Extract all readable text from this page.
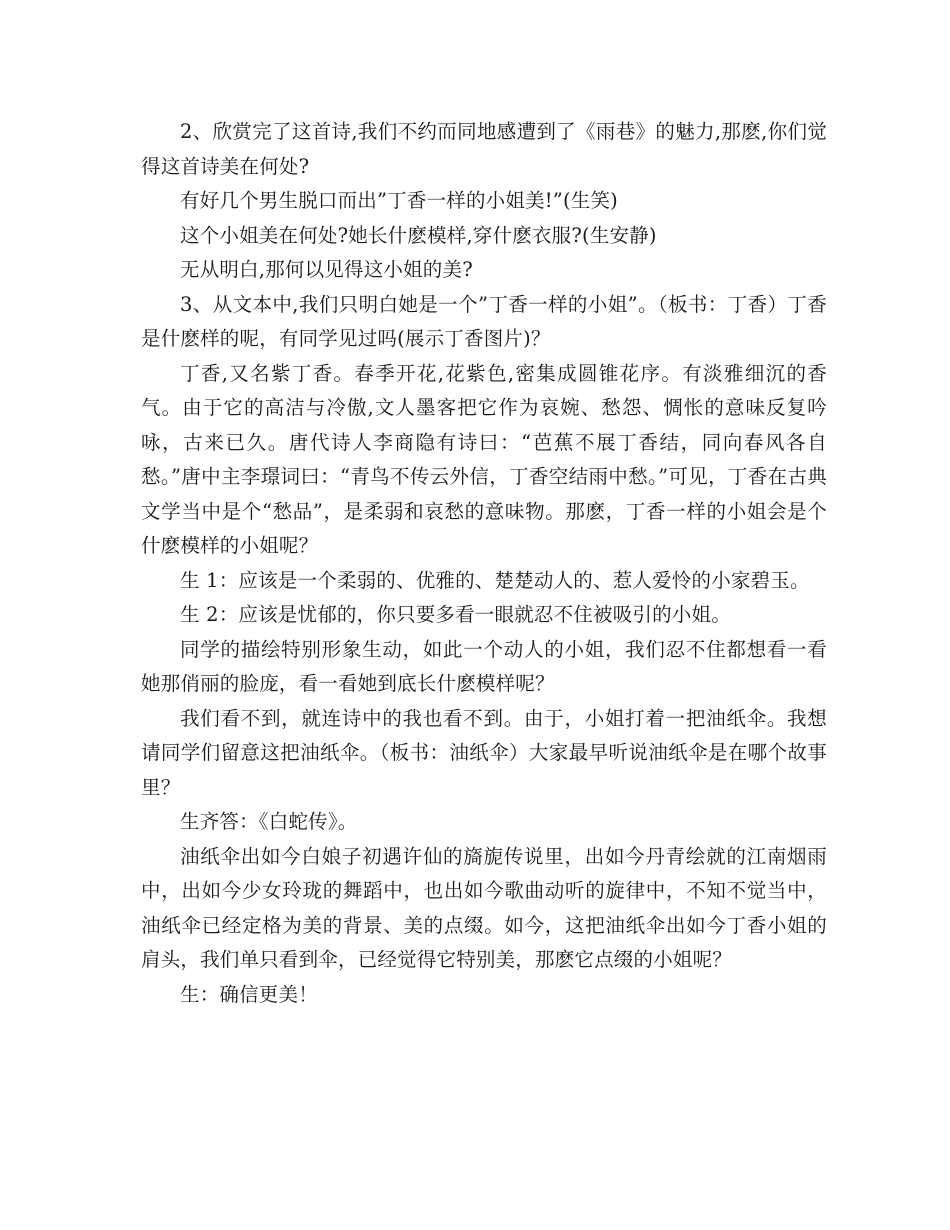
2、欣赏完了这首诗,我们不约而同地感遭到了《雨巷》的魅力,那麽,你们觉得这首诗美在何处?

有好几个男生脱口而出”丁香一样的小姐美!”(生笑)

这个小姐美在何处?她长什麽模样,穿什麽衣服?(生安静)

无从明白,那何以见得这小姐的美?

3、从文本中,我们只明白她是一个”丁香一样的小姐”。（板书：丁香）丁香是什麽样的呢，有同学见过吗(展示丁香图片)？

丁香,又名紫丁香。春季开花,花紫色,密集成圆锥花序。有淡雅细沉的香气。由于它的高洁与冷傲,文人墨客把它作为哀婉、愁怨、惆怅的意味反复吟咏，古来已久。唐代诗人李商隐有诗曰：“芭蕉不展丁香结，同向春风各自愁。”唐中主李璟词曰：“青鸟不传云外信，丁香空结雨中愁。”可见，丁香在古典文学当中是个“愁品”，是柔弱和哀愁的意味物。那麽，丁香一样的小姐会是个什麽模样的小姐呢？

生 1：应该是一个柔弱的、优雅的、楚楚动人的、惹人爱怜的小家碧玉。

生 2：应该是忧郁的，你只要多看一眼就忍不住被吸引的小姐。

同学的描绘特别形象生动，如此一个动人的小姐，我们忍不住都想看一看她那俏丽的脸庞，看一看她到底长什麽模样呢？

我们看不到，就连诗中的我也看不到。由于，小姐打着一把油纸伞。我想请同学们留意这把油纸伞。（板书：油纸伞）大家最早听说油纸伞是在哪个故事里？

生齐答：《白蛇传》。

油纸伞出如今白娘子初遇许仙的旖旎传说里，出如今丹青绘就的江南烟雨中，出如今少女玲珑的舞蹈中，也出如今歌曲动听的旋律中，不知不觉当中，油纸伞已经定格为美的背景、美的点缀。如今，这把油纸伞出如今丁香小姐的肩头，我们单只看到伞，已经觉得它特别美，那麽它点缀的小姐呢？

生：确信更美！
